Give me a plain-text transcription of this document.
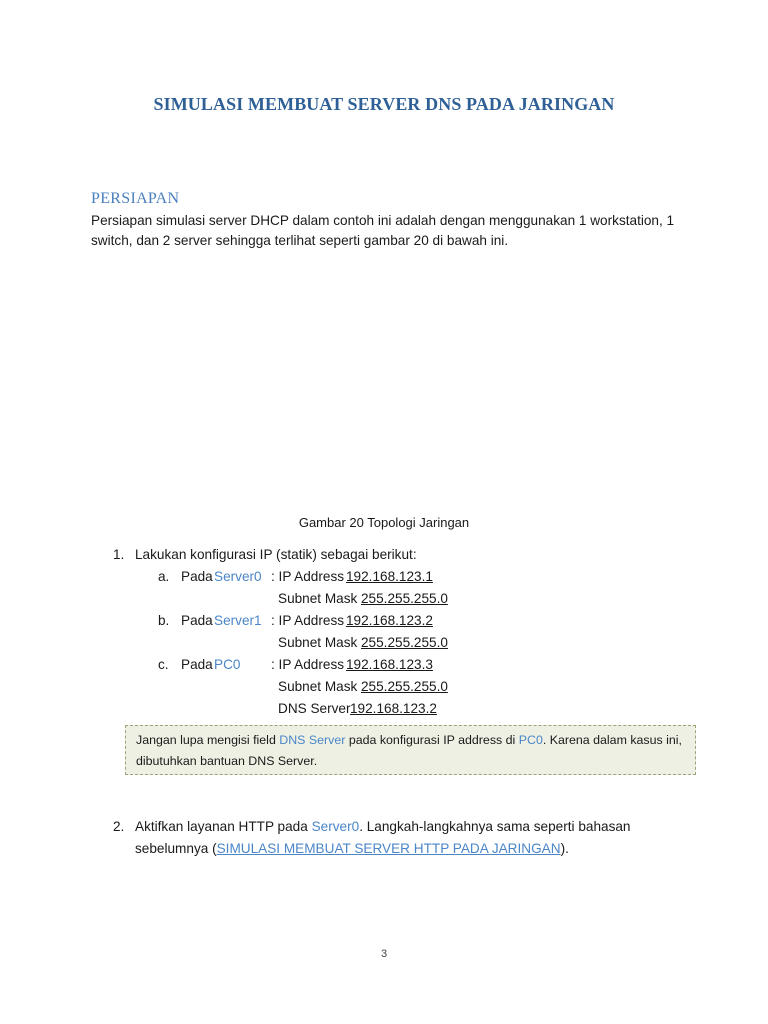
SIMULASI MEMBUAT SERVER DNS PADA JARINGAN
PERSIAPAN
Persiapan simulasi server DHCP dalam contoh ini adalah dengan menggunakan 1 workstation, 1
switch, dan 2 server sehingga terlihat seperti gambar 20 di bawah ini.
Gambar 20 Topologi Jaringan
1. Lakukan konfigurasi IP (statik) sebagai berikut:
a. Pada Server0 : IP Address 192.168.123.1
Subnet Mask 255.255.255.0
b. Pada Server1 : IP Address 192.168.123.2
Subnet Mask 255.255.255.0
c. Pada PC0 : IP Address 192.168.123.3
Subnet Mask 255.255.255.0
DNS Server 192.168.123.2
Jangan lupa mengisi field DNS Server pada konfigurasi IP address di PC0. Karena dalam kasus ini,
dibutuhkan bantuan DNS Server.
2. Aktifkan layanan HTTP pada Server0. Langkah-langkahnya sama seperti bahasan
sebelumnya (SIMULASI MEMBUAT SERVER HTTP PADA JARINGAN).
3
